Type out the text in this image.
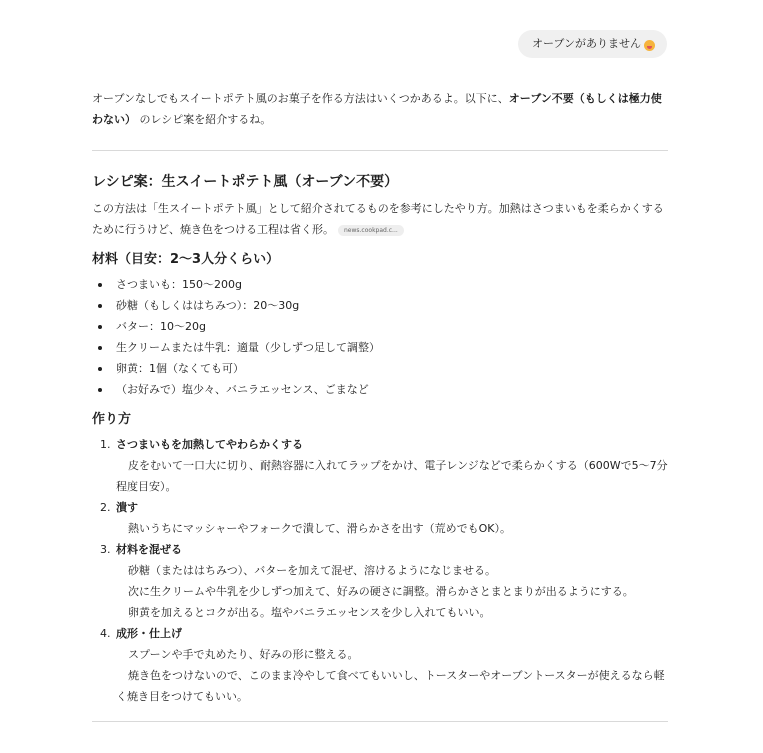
オーブンがありません

オーブンなしでもスイートポテト風のお菓子を作る方法はいくつかあるよ。以下に、オーブン不要（もしくは極力使わない） のレシピ案を紹介するね。

レシピ案：生スイートポテト風（オーブン不要）

この方法は「生スイートポテト風」として紹介されてるものを参考にしたやり方。加熱はさつまいもを柔らかくするために行うけど、焼き色をつける工程は省く形。 news.cookpad.c...

材料（目安：2〜3人分くらい）
さつまいも：150〜200g
砂糖（もしくははちみつ）：20〜30g
バター：10〜20g
生クリームまたは牛乳：適量（少しずつ足して調整）
卵黄：1個（なくても可）
（お好みで）塩少々、バニラエッセンス、ごまなど
作り方
1. さつまいもを加熱してやわらかくする
皮をむいて一口大に切り、耐熱容器に入れてラップをかけ、電子レンジなどで柔らかくする（600Wで5〜7分程度目安）。
2. 潰す
熱いうちにマッシャーやフォークで潰して、滑らかさを出す（荒めでもOK）。
3. 材料を混ぜる
砂糖（またははちみつ）、バターを加えて混ぜ、溶けるようになじませる。
次に生クリームや牛乳を少しずつ加えて、好みの硬さに調整。滑らかさとまとまりが出るようにする。
卵黄を加えるとコクが出る。塩やバニラエッセンスを少し入れてもいい。
4. 成形・仕上げ
スプーンや手で丸めたり、好みの形に整える。
焼き色をつけないので、このまま冷やして食べてもいいし、トースターやオーブントースターが使えるなら軽く焼き目をつけてもいい。
